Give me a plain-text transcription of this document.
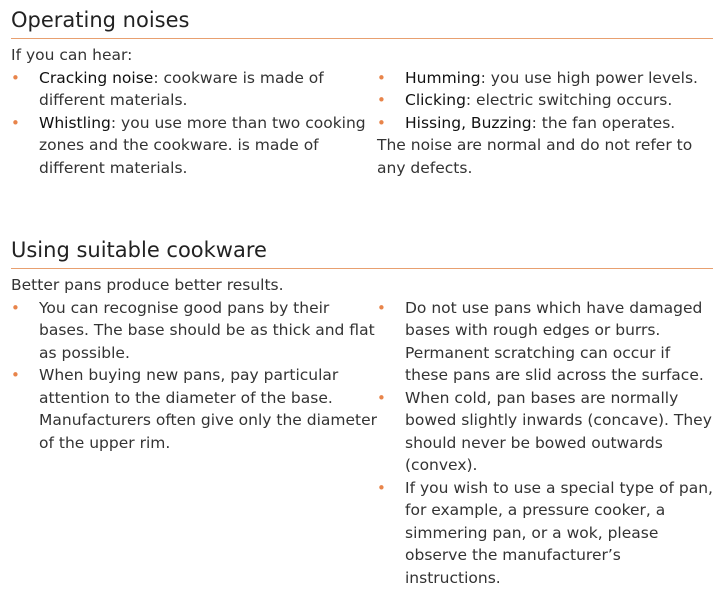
Operating noises

If you can hear:

• Cracking noise: cookware is made of different materials.
• Whistling: you use more than two cooking zones and the cookware. is made of different materials.
• Humming: you use high power levels.
• Clicking: electric switching occurs.
• Hissing, Buzzing: the fan operates.

The noise are normal and do not refer to any defects.

Using suitable cookware

Better pans produce better results.

• You can recognise good pans by their bases. The base should be as thick and flat as possible.
• When buying new pans, pay particular attention to the diameter of the base. Manufacturers often give only the diameter of the upper rim.
• Do not use pans which have damaged bases with rough edges or burrs. Permanent scratching can occur if these pans are slid across the surface.
• When cold, pan bases are normally bowed slightly inwards (concave). They should never be bowed outwards (convex).
• If you wish to use a special type of pan, for example, a pressure cooker, a simmering pan, or a wok, please observe the manufacturer’s instructions.
